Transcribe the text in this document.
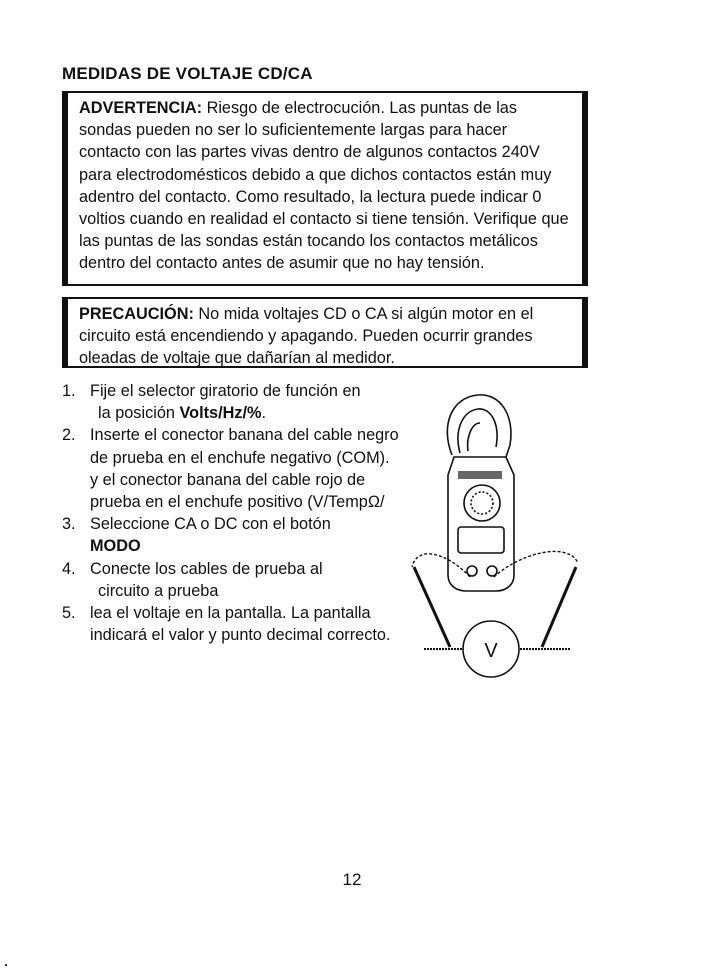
MEDIDAS DE VOLTAJE CD/CA
ADVERTENCIA: Riesgo de electrocución. Las puntas de las sondas pueden no ser lo suficientemente largas para hacer contacto con las partes vivas dentro de algunos contactos 240V para electrodomésticos debido a que dichos contactos están muy adentro del contacto. Como resultado, la lectura puede indicar 0 voltios cuando en realidad el contacto si tiene tensión. Verifique que las puntas de las sondas están tocando los contactos metálicos dentro del contacto antes de asumir que no hay tensión.
PRECAUCIÓN: No mida voltajes CD o CA si algún motor en el circuito está encendiendo y apagando. Pueden ocurrir grandes oleadas de voltaje que dañarían al medidor.
1. Fije el selector giratorio de función en
la posición Volts/Hz/%.
2. Inserte el conector banana del cable negro de prueba en el enchufe negativo (COM). y el conector banana del cable rojo de prueba en el enchufe positivo (V/TempΩ/
3. Seleccione CA o DC con el botón
MODO
4. Conecte los cables de prueba al
circuito a prueba
5. lea el voltaje en la pantalla. La pantalla indicará el valor y punto decimal correcto.
V
12
